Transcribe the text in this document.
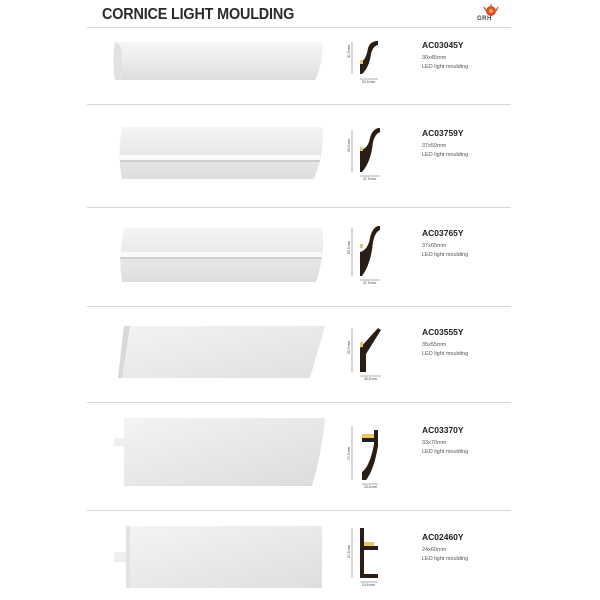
CORNICE LIGHT MOULDING	GRH
40.5 mm
30.8 mm
AC03045Y
30x45mm
LED light moulding
59.5 mm
37.5 mm
AC03759Y
37x59mm
LED light moulding
65.5 mm
37.5 mm
AC03765Y
37x65mm
LED light moulding
55.5 mm
35.8 mm
AC03555Y
35x55mm
LED light moulding
70.5 mm
33.8 mm
AC03370Y
33x70mm
LED light moulding
60.5 mm
24.6 mm
AC02460Y
24x60mm
LED light moulding
